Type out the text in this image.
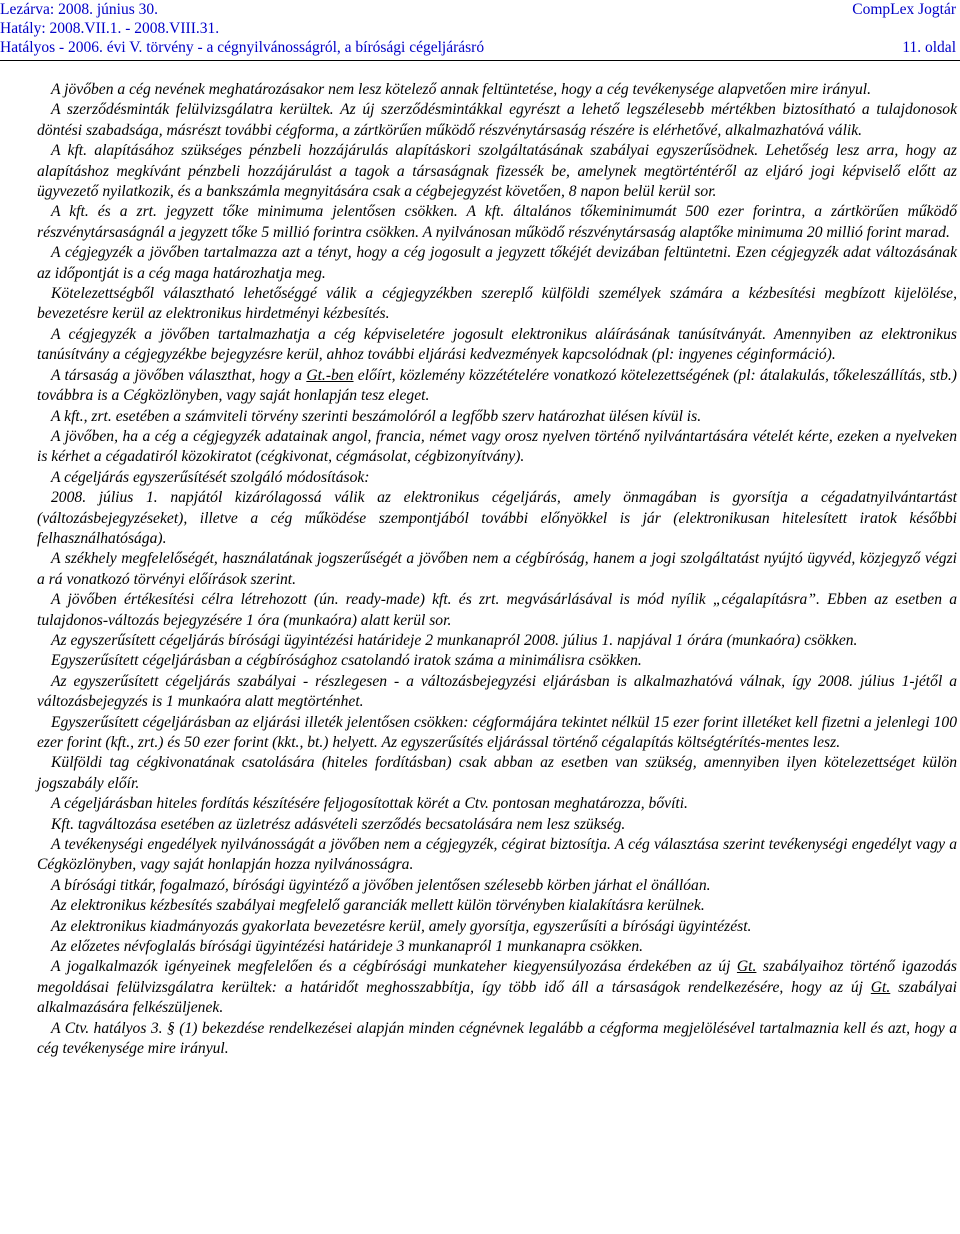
Lezárva: 2008. június 30.
Hatály: 2008.VII.1. - 2008.VIII.31.
Hatályos - 2006. évi V. törvény - a cégnyilvánosságról, a bírósági cégeljárásró
CompLex Jogtár
11. oldal

A jövőben a cég nevének meghatározásakor nem lesz kötelező annak feltüntetése, hogy a cég tevékenysége alapvetően mire irányul.

A szerződésminták felülvizsgálatra kerültek. Az új szerződésmintákkal egyrészt a lehető legszélesebb mértékben biztosítható a tulajdonosok döntési szabadsága, másrészt további cégforma, a zártkörűen működő részvénytársaság részére is elérhetővé, alkalmazhatóvá válik.

A kft. alapításához szükséges pénzbeli hozzájárulás alapításkori szolgáltatásának szabályai egyszerűsödnek. Lehetőség lesz arra, hogy az alapításhoz megkívánt pénzbeli hozzájárulást a tagok a társaságnak fizessék be, amelynek megtörténtéről az eljáró jogi képviselő előtt az ügyvezető nyilatkozik, és a bankszámla megnyitására csak a cégbejegyzést követően, 8 napon belül kerül sor.

A kft. és a zrt. jegyzett tőke minimuma jelentősen csökken. A kft. általános tőkeminimumát 500 ezer forintra, a zártkörűen működő részvénytársaságnál a jegyzett tőke 5 millió forintra csökken. A nyilvánosan működő részvénytársaság alaptőke minimuma 20 millió forint marad.

A cégjegyzék a jövőben tartalmazza azt a tényt, hogy a cég jogosult a jegyzett tőkéjét devizában feltüntetni. Ezen cégjegyzék adat változásának az időpontját is a cég maga határozhatja meg.

Kötelezettségből választható lehetőséggé válik a cégjegyzékben szereplő külföldi személyek számára a kézbesítési megbízott kijelölése, bevezetésre kerül az elektronikus hirdetményi kézbesítés.

A cégjegyzék a jövőben tartalmazhatja a cég képviseletére jogosult elektronikus aláírásának tanúsítványát. Amennyiben az elektronikus tanúsítvány a cégjegyzékbe bejegyzésre kerül, ahhoz további eljárási kedvezmények kapcsolódnak (pl: ingyenes céginformáció).

A társaság a jövőben választhat, hogy a Gt.-ben előírt, közlemény közzétételére vonatkozó kötelezettségének (pl: átalakulás, tőkeleszállítás, stb.) továbbra is a Cégközlönyben, vagy saját honlapján tesz eleget.

A kft., zrt. esetében a számviteli törvény szerinti beszámolóról a legfőbb szerv határozhat ülésen kívül is.

A jövőben, ha a cég a cégjegyzék adatainak angol, francia, német vagy orosz nyelven történő nyilvántartására vételét kérte, ezeken a nyelveken is kérhet a cégadatiról közokiratot (cégkivonat, cégmásolat, cégbizonyítvány).

A cégeljárás egyszerűsítését szolgáló módosítások:

2008. július 1. napjától kizárólagossá válik az elektronikus cégeljárás, amely önmagában is gyorsítja a cégadatnyilvántartást (változásbejegyzéseket), illetve a cég működése szempontjából további előnyökkel is jár (elektronikusan hitelesített iratok későbbi felhasználhatósága).

A székhely megfelelőségét, használatának jogszerűségét a jövőben nem a cégbíróság, hanem a jogi szolgáltatást nyújtó ügyvéd, közjegyző végzi a rá vonatkozó törvényi előírások szerint.

A jövőben értékesítési célra létrehozott (ún. ready-made) kft. és zrt. megvásárlásával is mód nyílik „cégalapításra”. Ebben az esetben a tulajdonos-változás bejegyzésére 1 óra (munkaóra) alatt kerül sor.

Az egyszerűsített cégeljárás bírósági ügyintézési határideje 2 munkanapról 2008. július 1. napjával 1 órára (munkaóra) csökken.

Egyszerűsített cégeljárásban a cégbírósághoz csatolandó iratok száma a minimálisra csökken.

Az egyszerűsített cégeljárás szabályai - részlegesen - a változásbejegyzési eljárásban is alkalmazhatóvá válnak, így 2008. július 1-jétől a változásbejegyzés is 1 munkaóra alatt megtörténhet.

Egyszerűsített cégeljárásban az eljárási illeték jelentősen csökken: cégformájára tekintet nélkül 15 ezer forint illetéket kell fizetni a jelenlegi 100 ezer forint (kft., zrt.) és 50 ezer forint (kkt., bt.) helyett. Az egyszerűsítés eljárással történő cégalapítás költségtérítés-mentes lesz.

Külföldi tag cégkivonatának csatolására (hiteles fordításban) csak abban az esetben van szükség, amennyiben ilyen kötelezettséget külön jogszabály előír.

A cégeljárásban hiteles fordítás készítésére feljogosítottak körét a Ctv. pontosan meghatározza, bővíti.

Kft. tagváltozása esetében az üzletrész adásvételi szerződés becsatolására nem lesz szükség.

A tevékenységi engedélyek nyilvánosságát a jövőben nem a cégjegyzék, cégirat biztosítja. A cég választása szerint tevékenységi engedélyt vagy a Cégközlönyben, vagy saját honlapján hozza nyilvánosságra.

A bírósági titkár, fogalmazó, bírósági ügyintéző a jövőben jelentősen szélesebb körben járhat el önállóan.

Az elektronikus kézbesítés szabályai megfelelő garanciák mellett külön törvényben kialakításra kerülnek.

Az elektronikus kiadmányozás gyakorlata bevezetésre kerül, amely gyorsítja, egyszerűsíti a bírósági ügyintézést.

Az előzetes névfoglalás bírósági ügyintézési határideje 3 munkanapról 1 munkanapra csökken.

A jogalkalmazók igényeinek megfelelően és a cégbírósági munkateher kiegyensúlyozása érdekében az új Gt. szabályaihoz történő igazodás megoldásai felülvizsgálatra kerültek: a határidőt meghosszabbítja, így több idő áll a társaságok rendelkezésére, hogy az új Gt. szabályai alkalmazására felkészüljenek.

A Ctv. hatályos 3. § (1) bekezdése rendelkezései alapján minden cégnévnek legalább a cégforma megjelölésével tartalmaznia kell és azt, hogy a cég tevékenysége mire irányul.
